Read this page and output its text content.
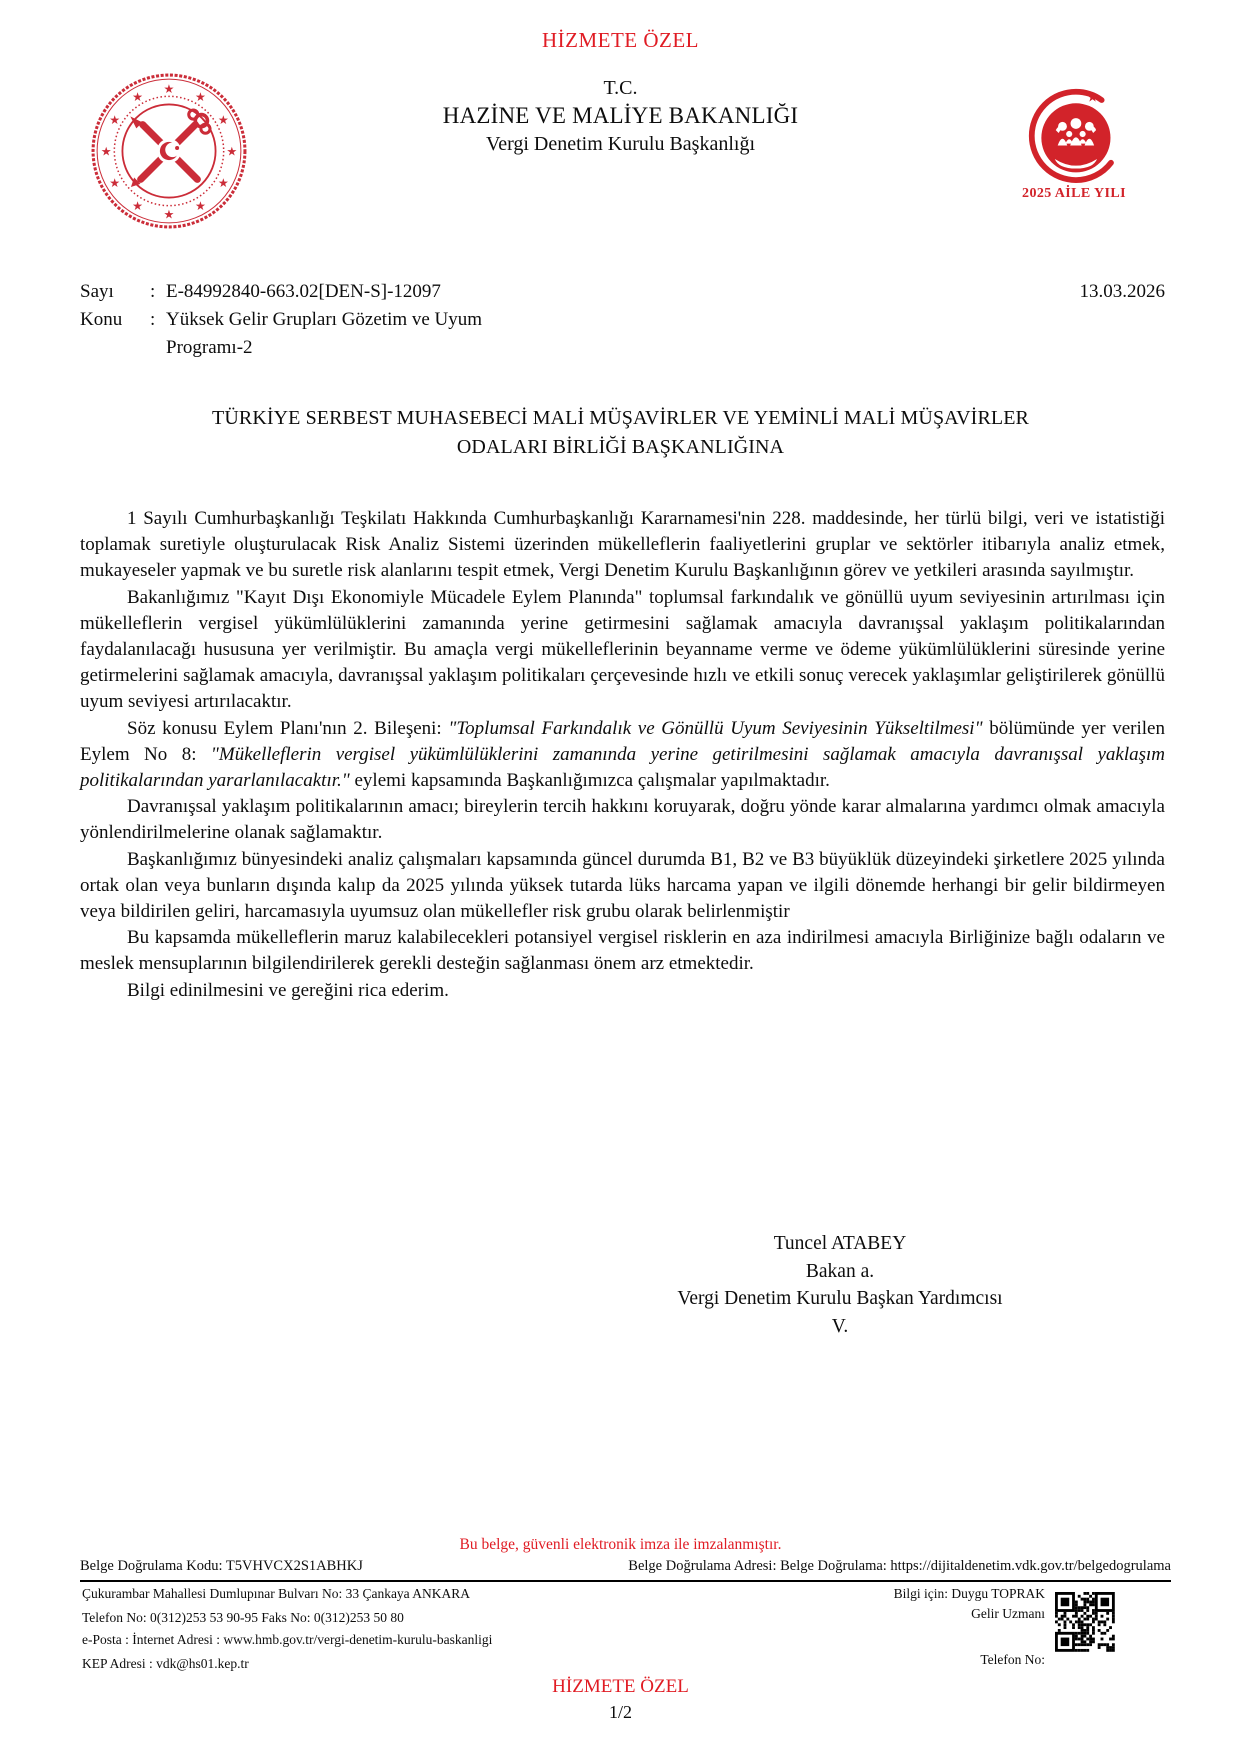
HİZMETE ÖZEL
★
★
★
★
★
★
★
★
★
★
★
★
T.C.
HAZİNE VE MALİYE BAKANLIĞI
Vergi Denetim Kurulu Başkanlığı
★
2025 AİLE YILI
13.03.2026
Sayı	: E-84992840-663.02[DEN-S]-12097
Konu	: Yüksek Gelir Grupları Gözetim ve Uyum
Programı-2
TÜRKİYE SERBEST MUHASEBECİ MALİ MÜŞAVİRLER VE YEMİNLİ MALİ MÜŞAVİRLER
ODALARI BİRLİĞİ BAŞKANLIĞINA

1 Sayılı Cumhurbaşkanlığı Teşkilatı Hakkında Cumhurbaşkanlığı Kararnamesi'nin 228. maddesinde, her türlü bilgi, veri ve istatistiği toplamak suretiyle oluşturulacak Risk Analiz Sistemi üzerinden mükelleflerin faaliyetlerini gruplar ve sektörler itibarıyla analiz etmek, mukayeseler yapmak ve bu suretle risk alanlarını tespit etmek, Vergi Denetim Kurulu Başkanlığının görev ve yetkileri arasında sayılmıştır.

Bakanlığımız "Kayıt Dışı Ekonomiyle Mücadele Eylem Planında" toplumsal farkındalık ve gönüllü uyum seviyesinin artırılması için mükelleflerin vergisel yükümlülüklerini zamanında yerine getirmesini sağlamak amacıyla davranışsal yaklaşım politikalarından faydalanılacağı hususuna yer verilmiştir. Bu amaçla vergi mükelleflerinin beyanname verme ve ödeme yükümlülüklerini süresinde yerine getirmelerini sağlamak amacıyla, davranışsal yaklaşım politikaları çerçevesinde hızlı ve etkili sonuç verecek yaklaşımlar geliştirilerek gönüllü uyum seviyesi artırılacaktır.

Söz konusu Eylem Planı'nın 2. Bileşeni: "Toplumsal Farkındalık ve Gönüllü Uyum Seviyesinin Yükseltilmesi" bölümünde yer verilen Eylem No 8: "Mükelleflerin vergisel yükümlülüklerini zamanında yerine getirilmesini sağlamak amacıyla davranışsal yaklaşım politikalarından yararlanılacaktır." eylemi kapsamında Başkanlığımızca çalışmalar yapılmaktadır.

Davranışsal yaklaşım politikalarının amacı; bireylerin tercih hakkını koruyarak, doğru yönde karar almalarına yardımcı olmak amacıyla yönlendirilmelerine olanak sağlamaktır.

Başkanlığımız bünyesindeki analiz çalışmaları kapsamında güncel durumda B1, B2 ve B3 büyüklük düzeyindeki şirketlere 2025 yılında ortak olan veya bunların dışında kalıp da 2025 yılında yüksek tutarda lüks harcama yapan ve ilgili dönemde herhangi bir gelir bildirmeyen veya bildirilen geliri, harcamasıyla uyumsuz olan mükellefler risk grubu olarak belirlenmiştir

Bu kapsamda mükelleflerin maruz kalabilecekleri potansiyel vergisel risklerin en aza indirilmesi amacıyla Birliğinize bağlı odaların ve meslek mensuplarının bilgilendirilerek gerekli desteğin sağlanması önem arz etmektedir.

Bilgi edinilmesini ve gereğini rica ederim.

Tuncel ATABEY
Bakan a.
Vergi Denetim Kurulu Başkan Yardımcısı
V.
Bu belge, güvenli elektronik imza ile imzalanmıştır.
Belge Doğrulama Kodu: T5VHVCX2S1ABHKJ	Belge Doğrulama Adresi: Belge Doğrulama: https://dijitaldenetim.vdk.gov.tr/belgedogrulama
Çukurambar Mahallesi Dumlupınar Bulvarı No: 33 Çankaya ANKARA
Telefon No: 0(312)253 53 90-95 Faks No: 0(312)253 50 80
e-Posta : İnternet Adresi : www.hmb.gov.tr/vergi-denetim-kurulu-baskanligi
KEP Adresi : vdk@hs01.kep.tr
Bilgi için: Duygu TOPRAK
Gelir Uzmanı
Telefon No:
HİZMETE ÖZEL
1/2
